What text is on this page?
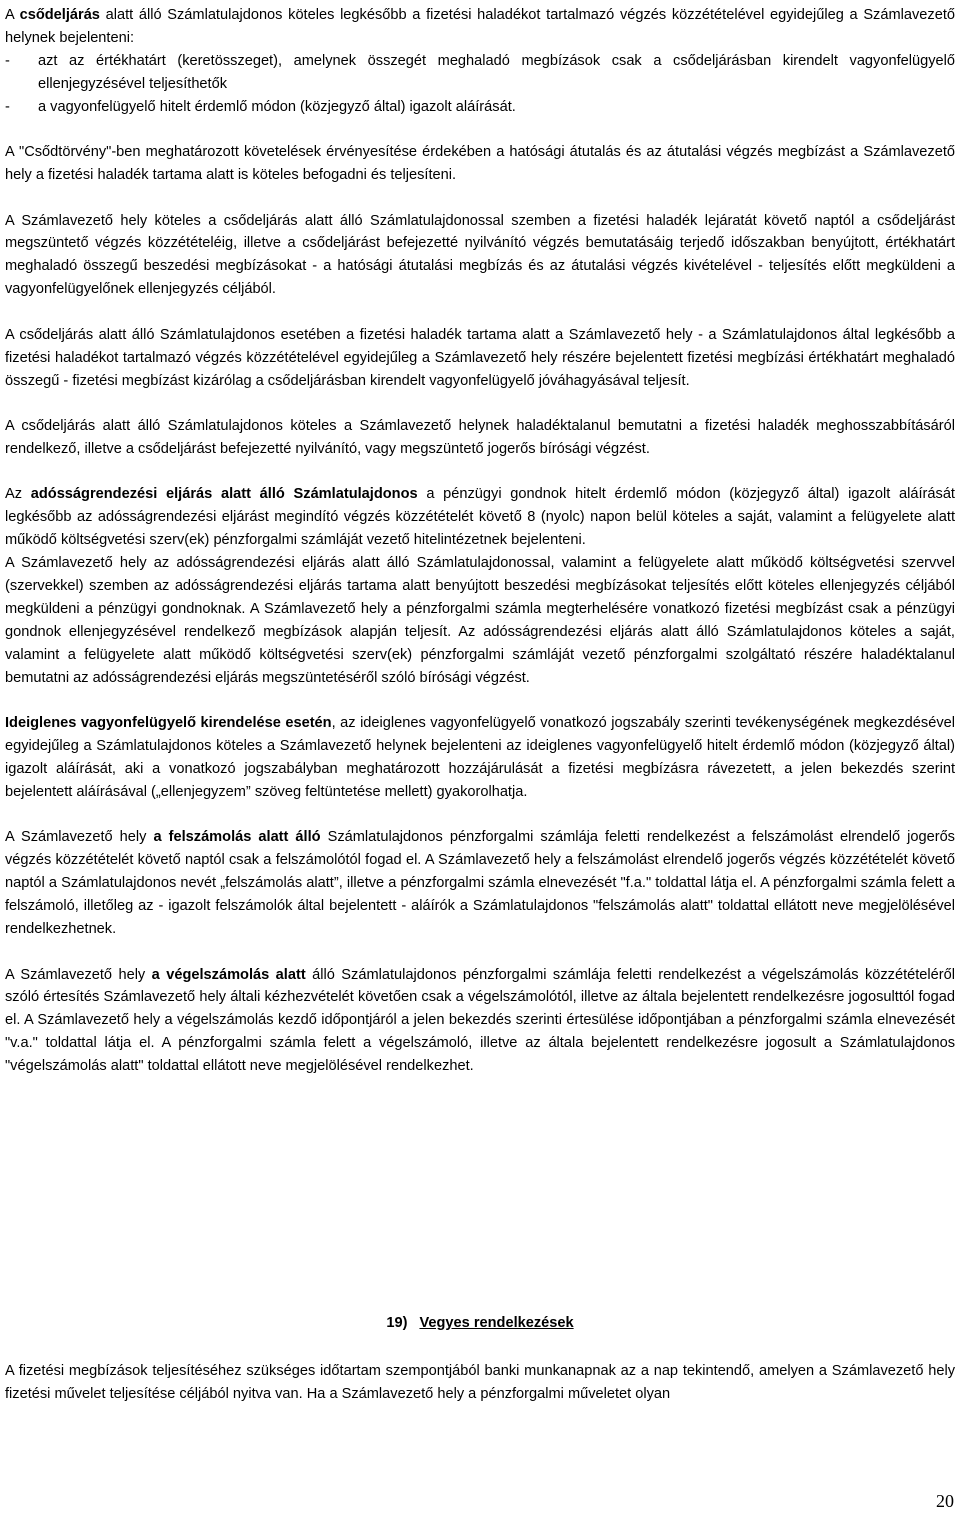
A csődeljárás alatt álló Számlatulajdonos köteles legkésőbb a fizetési haladékot tartalmazó végzés közzétételével egyidejűleg a Számlavezető helynek bejelenteni:

- azt az értékhatárt (keretösszeget), amelynek összegét meghaladó megbízások csak a csődeljárásban kirendelt vagyonfelügyelő ellenjegyzésével teljesíthetők
- a vagyonfelügyelő hitelt érdemlő módon (közjegyző által) igazolt aláírását.

A "Csődtörvény"-ben meghatározott követelések érvényesítése érdekében a hatósági átutalás és az átutalási végzés megbízást a Számlavezető hely a fizetési haladék tartama alatt is köteles befogadni és teljesíteni.

A Számlavezető hely köteles a csődeljárás alatt álló Számlatulajdonossal szemben a fizetési haladék lejáratát követő naptól a csődeljárást megszüntető végzés közzétételéig, illetve a csődeljárást befejezetté nyilvánító végzés bemutatásáig terjedő időszakban benyújtott, értékhatárt meghaladó összegű beszedési megbízásokat - a hatósági átutalási megbízás és az átutalási végzés kivételével - teljesítés előtt megküldeni a vagyonfelügyelőnek ellenjegyzés céljából.

A csődeljárás alatt álló Számlatulajdonos esetében a fizetési haladék tartama alatt a Számlavezető hely - a Számlatulajdonos által legkésőbb a fizetési haladékot tartalmazó végzés közzétételével egyidejűleg a Számlavezető hely részére bejelentett fizetési megbízási értékhatárt meghaladó összegű - fizetési megbízást kizárólag a csődeljárásban kirendelt vagyonfelügyelő jóváhagyásával teljesít.

A csődeljárás alatt álló Számlatulajdonos köteles a Számlavezető helynek haladéktalanul bemutatni a fizetési haladék meghosszabbításáról rendelkező, illetve a csődeljárást befejezetté nyilvánító, vagy megszüntető jogerős bírósági végzést.

Az adósságrendezési eljárás alatt álló Számlatulajdonos a pénzügyi gondnok hitelt érdemlő módon (közjegyző által) igazolt aláírását legkésőbb az adósságrendezési eljárást megindító végzés közzétételét követő 8 (nyolc) napon belül köteles a saját, valamint a felügyelete alatt működő költségvetési szerv(ek) pénzforgalmi számláját vezető hitelintézetnek bejelenteni.

A Számlavezető hely az adósságrendezési eljárás alatt álló Számlatulajdonossal, valamint a felügyelete alatt működő költségvetési szervvel (szervekkel) szemben az adósságrendezési eljárás tartama alatt benyújtott beszedési megbízásokat teljesítés előtt köteles ellenjegyzés céljából megküldeni a pénzügyi gondnoknak. A Számlavezető hely a pénzforgalmi számla megterhelésére vonatkozó fizetési megbízást csak a pénzügyi gondnok ellenjegyzésével rendelkező megbízások alapján teljesít. Az adósságrendezési eljárás alatt álló Számlatulajdonos köteles a saját, valamint a felügyelete alatt működő költségvetési szerv(ek) pénzforgalmi számláját vezető pénzforgalmi szolgáltató részére haladéktalanul bemutatni az adósságrendezési eljárás megszüntetéséről szóló bírósági végzést.

Ideiglenes vagyonfelügyelő kirendelése esetén, az ideiglenes vagyonfelügyelő vonatkozó jogszabály szerinti tevékenységének megkezdésével egyidejűleg a Számlatulajdonos köteles a Számlavezető helynek bejelenteni az ideiglenes vagyonfelügyelő hitelt érdemlő módon (közjegyző által) igazolt aláírását, aki a vonatkozó jogszabályban meghatározott hozzájárulását a fizetési megbízásra rávezetett, a jelen bekezdés szerint bejelentett aláírásával („ellenjegyzem” szöveg feltüntetése mellett) gyakorolhatja.

A Számlavezető hely a felszámolás alatt álló Számlatulajdonos pénzforgalmi számlája feletti rendelkezést a felszámolást elrendelő jogerős végzés közzétételét követő naptól csak a felszámolótól fogad el. A Számlavezető hely a felszámolást elrendelő jogerős végzés közzétételét követő naptól a Számlatulajdonos nevét „felszámolás alatt”, illetve a pénzforgalmi számla elnevezését "f.a." toldattal látja el. A pénzforgalmi számla felett a felszámoló, illetőleg az - igazolt felszámolók által bejelentett - aláírók a Számlatulajdonos "felszámolás alatt" toldattal ellátott neve megjelölésével rendelkezhetnek.

A Számlavezető hely a végelszámolás alatt álló Számlatulajdonos pénzforgalmi számlája feletti rendelkezést a végelszámolás közzétételéről szóló értesítés Számlavezető hely általi kézhezvételét követően csak a végelszámolótól, illetve az általa bejelentett rendelkezésre jogosulttól fogad el. A Számlavezető hely a végelszámolás kezdő időpontjáról a jelen bekezdés szerinti értesülése időpontjában a pénzforgalmi számla elnevezését "v.a." toldattal látja el. A pénzforgalmi számla felett a végelszámoló, illetve az általa bejelentett rendelkezésre jogosult a Számlatulajdonos "végelszámolás alatt" toldattal ellátott neve megjelölésével rendelkezhet.

19) Vegyes rendelkezések

A fizetési megbízások teljesítéséhez szükséges időtartam szempontjából banki munkanapnak az a nap tekintendő, amelyen a Számlavezető hely fizetési művelet teljesítése céljából nyitva van. Ha a Számlavezető hely a pénzforgalmi műveletet olyan

20
